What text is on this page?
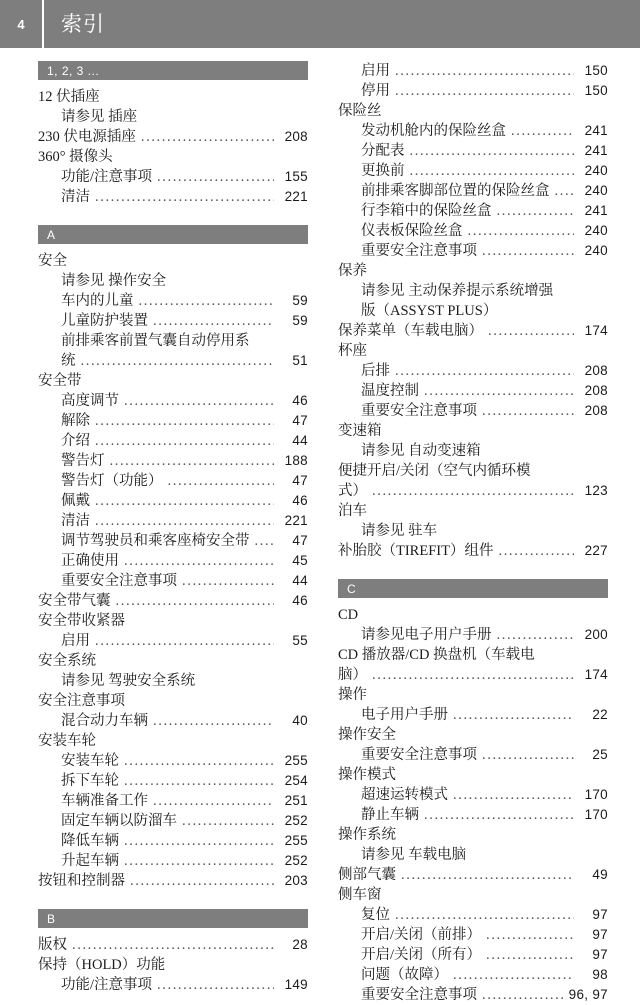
4	索引
1, 2, 3 ...
12 伏插座
请参见 插座
230 伏电源插座 .....	208
360° 摄像头
功能/注意事项 .....	155
清洁 .....	221
A
安全
请参见 操作安全
车内的儿童 .....	59
儿童防护装置 .....	59
前排乘客前置气囊自动停用系
统 .....	51
安全带
高度调节 .....	46
解除 .....	47
介绍 .....	44
警告灯 .....	188
警告灯（功能） .....	47
佩戴 .....	46
清洁 .....	221
调节驾驶员和乘客座椅安全带 .....	47
正确使用 .....	45
重要安全注意事项 .....	44
安全带气囊 .....	46
安全带收紧器
启用 .....	55
安全系统
请参见 驾驶安全系统
安全注意事项
混合动力车辆 .....	40
安装车轮
安装车轮 .....	255
拆下车轮 .....	254
车辆准备工作 .....	251
固定车辆以防溜车 .....	252
降低车辆 .....	255
升起车辆 .....	252
按钮和控制器 .....	203
B
版权 .....	28
保持（HOLD）功能
功能/注意事项 .....	149
启用 .....	150
停用 .....	150
保险丝
发动机舱内的保险丝盒 .....	241
分配表 .....	241
更换前 .....	240
前排乘客脚部位置的保险丝盒 .....	240
行李箱中的保险丝盒 .....	241
仪表板保险丝盒 .....	240
重要安全注意事项 .....	240
保养
请参见 主动保养提示系统增强
版（ASSYST PLUS）
保养菜单（车载电脑） .....	174
杯座
后排 .....	208
温度控制 .....	208
重要安全注意事项 .....	208
变速箱
请参见 自动变速箱
便捷开启/关闭（空气内循环模
式） .....	123
泊车
请参见 驻车
补胎胶（TIREFIT）组件 .....	227
C
CD
请参见电子用户手册 .....	200
CD 播放器/CD 换盘机（车载电
脑） .....	174
操作
电子用户手册 .....	22
操作安全
重要安全注意事项 .....	25
操作模式
超速运转模式 .....	170
静止车辆 .....	170
操作系统
请参见 车载电脑
侧部气囊 .....	49
侧车窗
复位 .....	97
开启/关闭（前排） .....	97
开启/关闭（所有） .....	97
问题（故障） .....	98
重要安全注意事项 .....	96, 97
